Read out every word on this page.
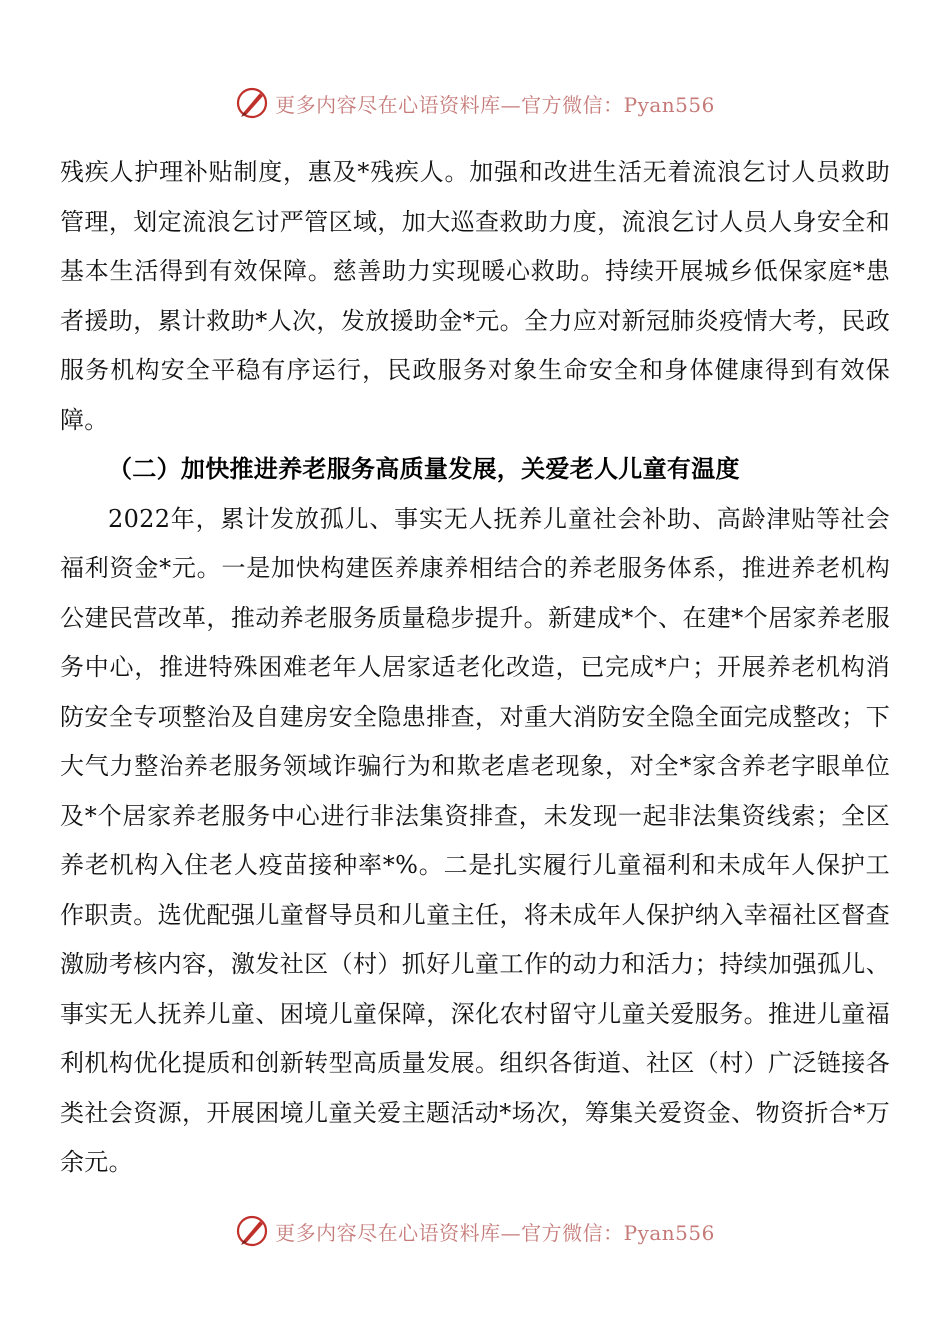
更多内容尽在心语资料库—官方微信：Pyan556

残疾人护理补贴制度，惠及*残疾人。加强和改进生活无着流浪乞讨人员救助管理，划定流浪乞讨严管区域，加大巡查救助力度，流浪乞讨人员人身安全和基本生活得到有效保障。慈善助力实现暖心救助。持续开展城乡低保家庭*患者援助，累计救助*人次，发放援助金*元。全力应对新冠肺炎疫情大考，民政服务机构安全平稳有序运行，民政服务对象生命安全和身体健康得到有效保障。

（二）加快推进养老服务高质量发展，关爱老人儿童有温度

2022年，累计发放孤儿、事实无人抚养儿童社会补助、高龄津贴等社会福利资金*元。一是加快构建医养康养相结合的养老服务体系，推进养老机构公建民营改革，推动养老服务质量稳步提升。新建成*个、在建*个居家养老服务中心，推进特殊困难老年人居家适老化改造，已完成*户；开展养老机构消防安全专项整治及自建房安全隐患排查，对重大消防安全隐全面完成整改；下大气力整治养老服务领域诈骗行为和欺老虐老现象，对全*家含养老字眼单位及*个居家养老服务中心进行非法集资排查，未发现一起非法集资线索；全区养老机构入住老人疫苗接种率*%。二是扎实履行儿童福利和未成年人保护工作职责。选优配强儿童督导员和儿童主任，将未成年人保护纳入幸福社区督查激励考核内容，激发社区（村）抓好儿童工作的动力和活力；持续加强孤儿、事实无人抚养儿童、困境儿童保障，深化农村留守儿童关爱服务。推进儿童福利机构优化提质和创新转型高质量发展。组织各街道、社区（村）广泛链接各类社会资源，开展困境儿童关爱主题活动*场次，筹集关爱资金、物资折合*万余元。

更多内容尽在心语资料库—官方微信：Pyan556
